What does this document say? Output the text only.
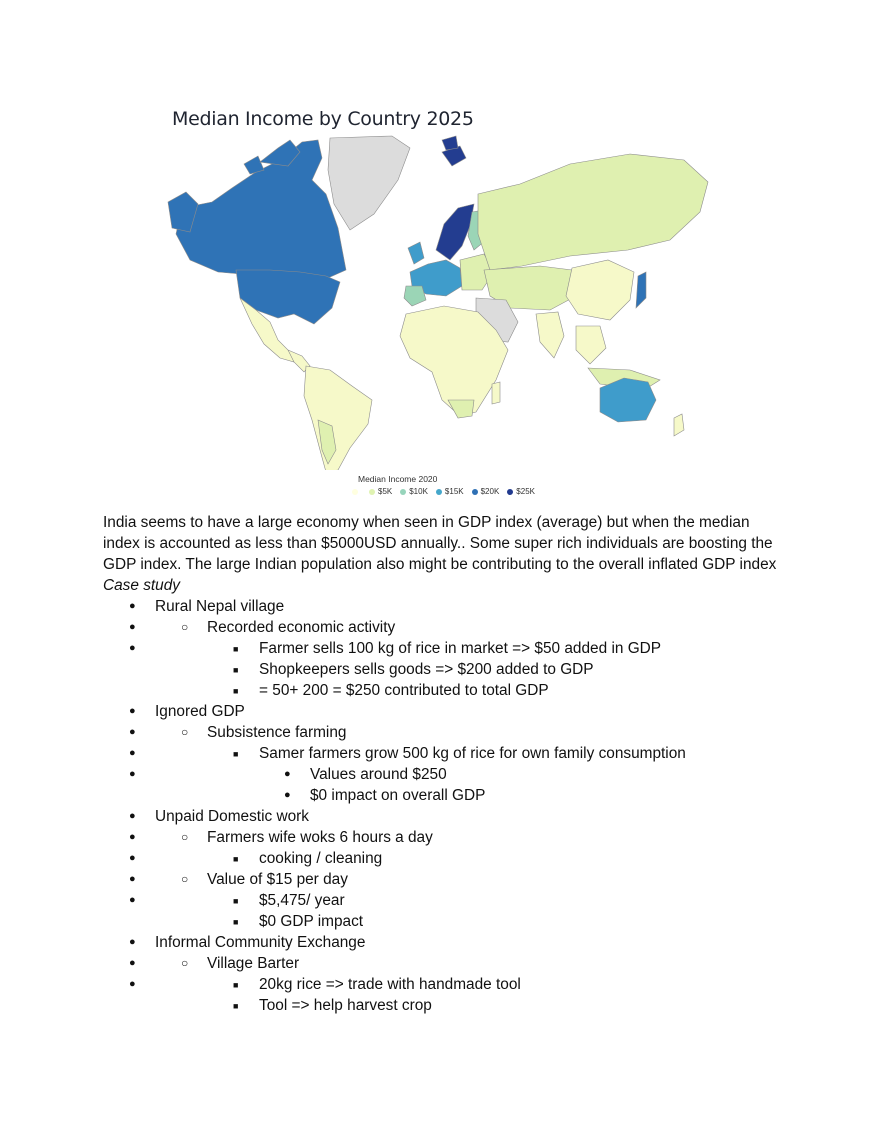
Median Income by Country 2025
Median Income 2020
$5K $10K $15K $20K $25K

India seems to have a large economy when seen in GDP index (average) but when the median index is accounted as less than $5000USD annually.. Some super rich individuals are boosting the GDP index. The large Indian population also might be contributing to the overall inflated GDP index

Case study

● Rural Nepal village
○ ● Recorded economic activity
■ ● Farmer sells 100 kg of rice in market => $50 added in GDP
■ Shopkeepers sells goods => $200 added to GDP
■ = 50+ 200 = $250 contributed to total GDP
● Ignored GDP
○ ● Subsistence farming
■ ● Samer farmers grow 500 kg of rice for own family consumption
● ● Values around $250
● $0 impact on overall GDP
● Unpaid Domestic work
○ ● Farmers wife woks 6 hours a day
■ ● cooking / cleaning
○ ● Value of $15 per day
■ ● $5,475/ year
■ $0 GDP impact
● Informal Community Exchange
○ ● Village Barter
■ ● 20kg rice => trade with handmade tool
■ Tool => help harvest crop
